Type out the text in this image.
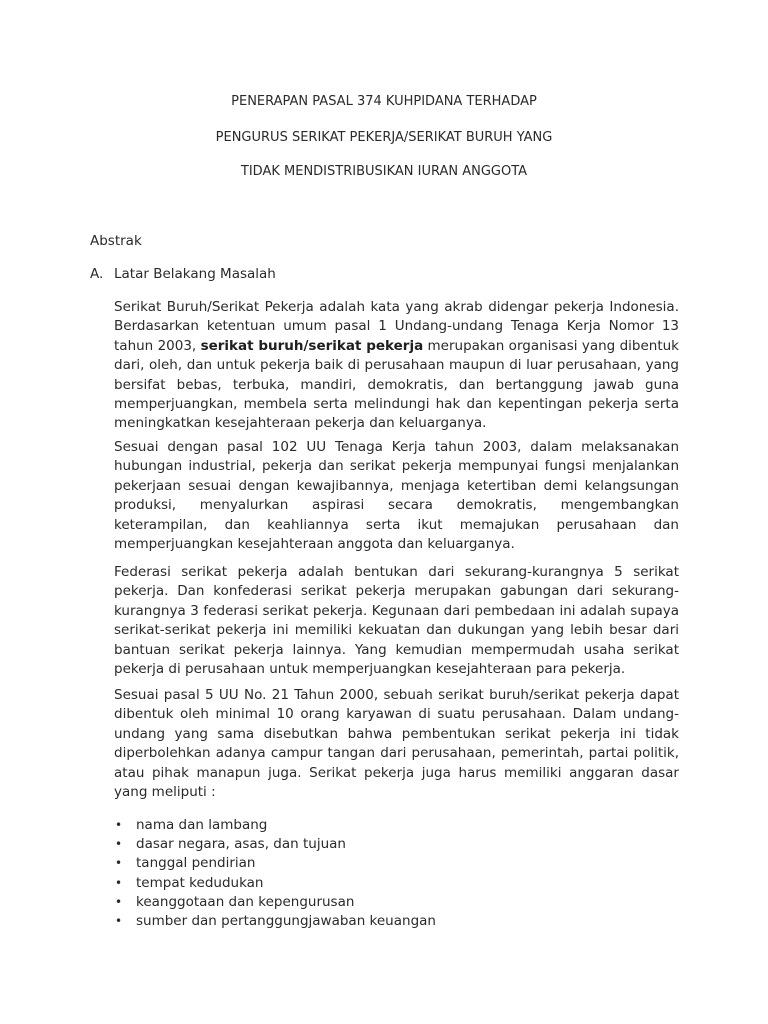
PENERAPAN PASAL 374 KUHPIDANA TERHADAP
PENGURUS SERIKAT PEKERJA/SERIKAT BURUH YANG
TIDAK MENDISTRIBUSIKAN IURAN ANGGOTA
Abstrak
A. Latar Belakang Masalah

Serikat Buruh/Serikat Pekerja adalah kata yang akrab didengar pekerja Indonesia. Berdasarkan ketentuan umum pasal 1 Undang-undang Tenaga Kerja Nomor 13 tahun 2003, serikat buruh/serikat pekerja merupakan organisasi yang dibentuk dari, oleh, dan untuk pekerja baik di perusahaan maupun di luar perusahaan, yang bersifat bebas, terbuka, mandiri, demokratis, dan bertanggung jawab guna memperjuangkan, membela serta melindungi hak dan kepentingan pekerja serta meningkatkan kesejahteraan pekerja dan keluarganya.

Sesuai dengan pasal 102 UU Tenaga Kerja tahun 2003, dalam melaksanakan hubungan industrial, pekerja dan serikat pekerja mempunyai fungsi menjalankan pekerjaan sesuai dengan kewajibannya, menjaga ketertiban demi kelangsungan produksi, menyalurkan aspirasi secara demokratis, mengembangkan keterampilan, dan keahliannya serta ikut memajukan perusahaan dan memperjuangkan kesejahteraan anggota dan keluarganya.

Federasi serikat pekerja adalah bentukan dari sekurang-kurangnya 5 serikat pekerja. Dan konfederasi serikat pekerja merupakan gabungan dari sekurang-kurangnya 3 federasi serikat pekerja. Kegunaan dari pembedaan ini adalah supaya serikat-serikat pekerja ini memiliki kekuatan dan dukungan yang lebih besar dari bantuan serikat pekerja lainnya. Yang kemudian mempermudah usaha serikat pekerja di perusahaan untuk memperjuangkan kesejahteraan para pekerja.

Sesuai pasal 5 UU No. 21 Tahun 2000, sebuah serikat buruh/serikat pekerja dapat dibentuk oleh minimal 10 orang karyawan di suatu perusahaan. Dalam undang-undang yang sama disebutkan bahwa pembentukan serikat pekerja ini tidak diperbolehkan adanya campur tangan dari perusahaan, pemerintah, partai politik, atau pihak manapun juga. Serikat pekerja juga harus memiliki anggaran dasar yang meliputi :

• nama dan lambang
• dasar negara, asas, dan tujuan
• tanggal pendirian
• tempat kedudukan
• keanggotaan dan kepengurusan
• sumber dan pertanggungjawaban keuangan
